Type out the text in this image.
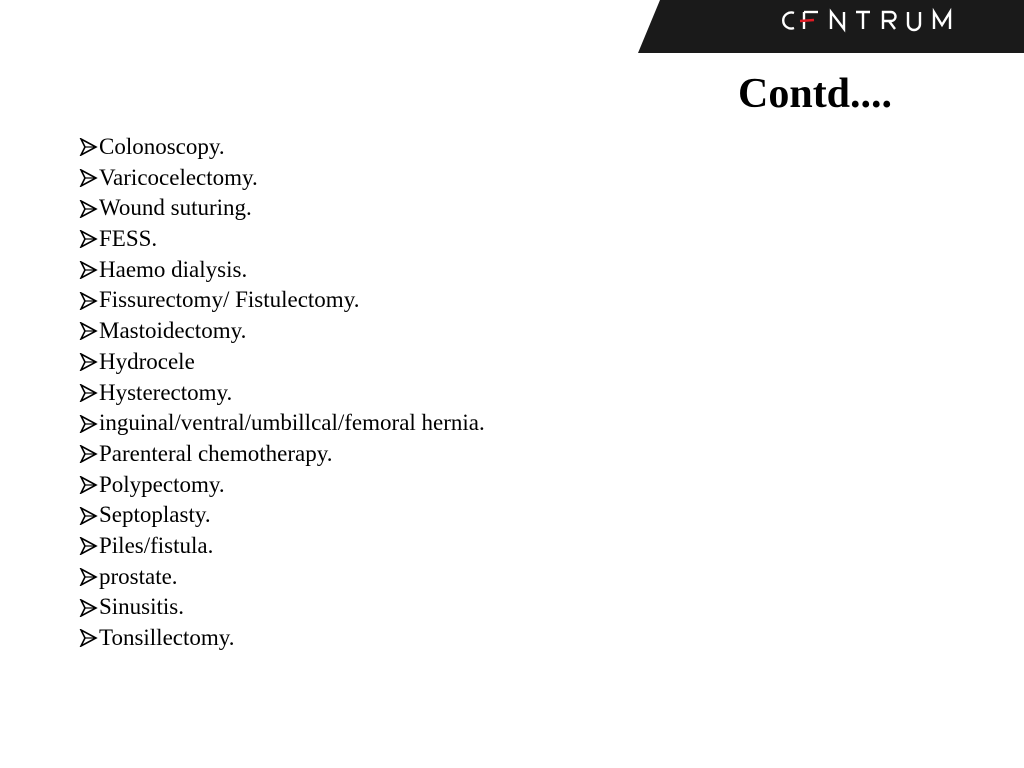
Contd....
Colonoscopy.
Varicocelectomy.
Wound suturing.
FESS.
Haemo dialysis.
Fissurectomy/ Fistulectomy.
Mastoidectomy.
Hydrocele
Hysterectomy.
inguinal/ventral/umbillcal/femoral hernia.
Parenteral chemotherapy.
Polypectomy.
Septoplasty.
Piles/fistula.
prostate.
Sinusitis.
Tonsillectomy.
